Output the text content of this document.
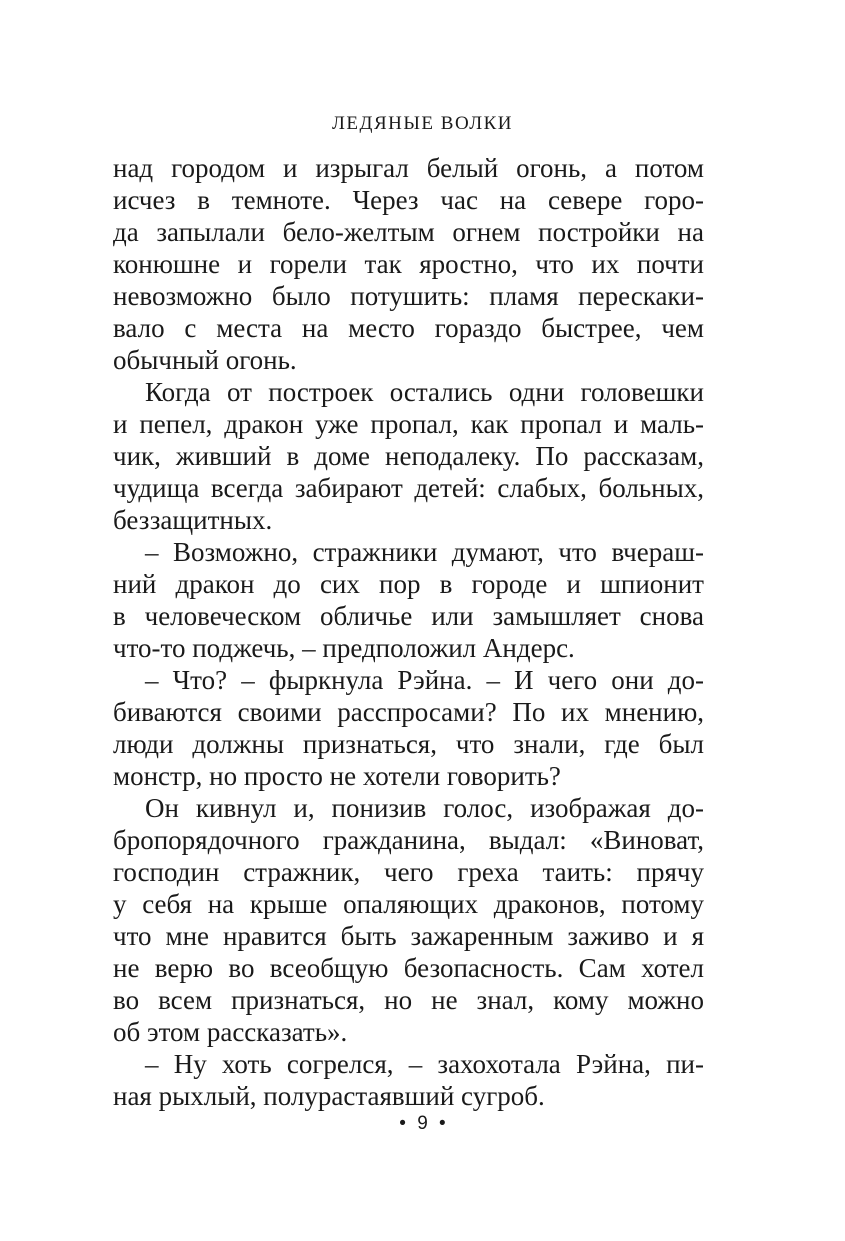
ЛЕДЯНЫЕ ВОЛКИ
над городом и изрыгал белый огонь, а потом
исчез в темноте. Через час на севере горо-
да запылали бело-желтым огнем постройки на
конюшне и горели так яростно, что их почти
невозможно было потушить: пламя перескаки-
вало с места на место гораздо быстрее, чем
обычный огонь.
Когда от построек остались одни головешки
и пепел, дракон уже пропал, как пропал и маль-
чик, живший в доме неподалеку. По рассказам,
чудища всегда забирают детей: слабых, больных,
беззащитных.
– Возможно, стражники думают, что вчераш-
ний дракон до сих пор в городе и шпионит
в человеческом обличье или замышляет снова
что-то поджечь, – предположил Андерс.
– Что? – фыркнула Рэйна. – И чего они до-
биваются своими расспросами? По их мнению,
люди должны признаться, что знали, где был
монстр, но просто не хотели говорить?
Он кивнул и, понизив голос, изображая до-
бропорядочного гражданина, выдал: «Виноват,
господин стражник, чего греха таить: прячу
у себя на крыше опаляющих драконов, потому
что мне нравится быть зажаренным заживо и я
не верю во всеобщую безопасность. Сам хотел
во всем признаться, но не знал, кому можно
об этом рассказать».
– Ну хоть согрелся, – захохотала Рэйна, пи-
ная рыхлый, полурастаявший сугроб.
• 9 •
